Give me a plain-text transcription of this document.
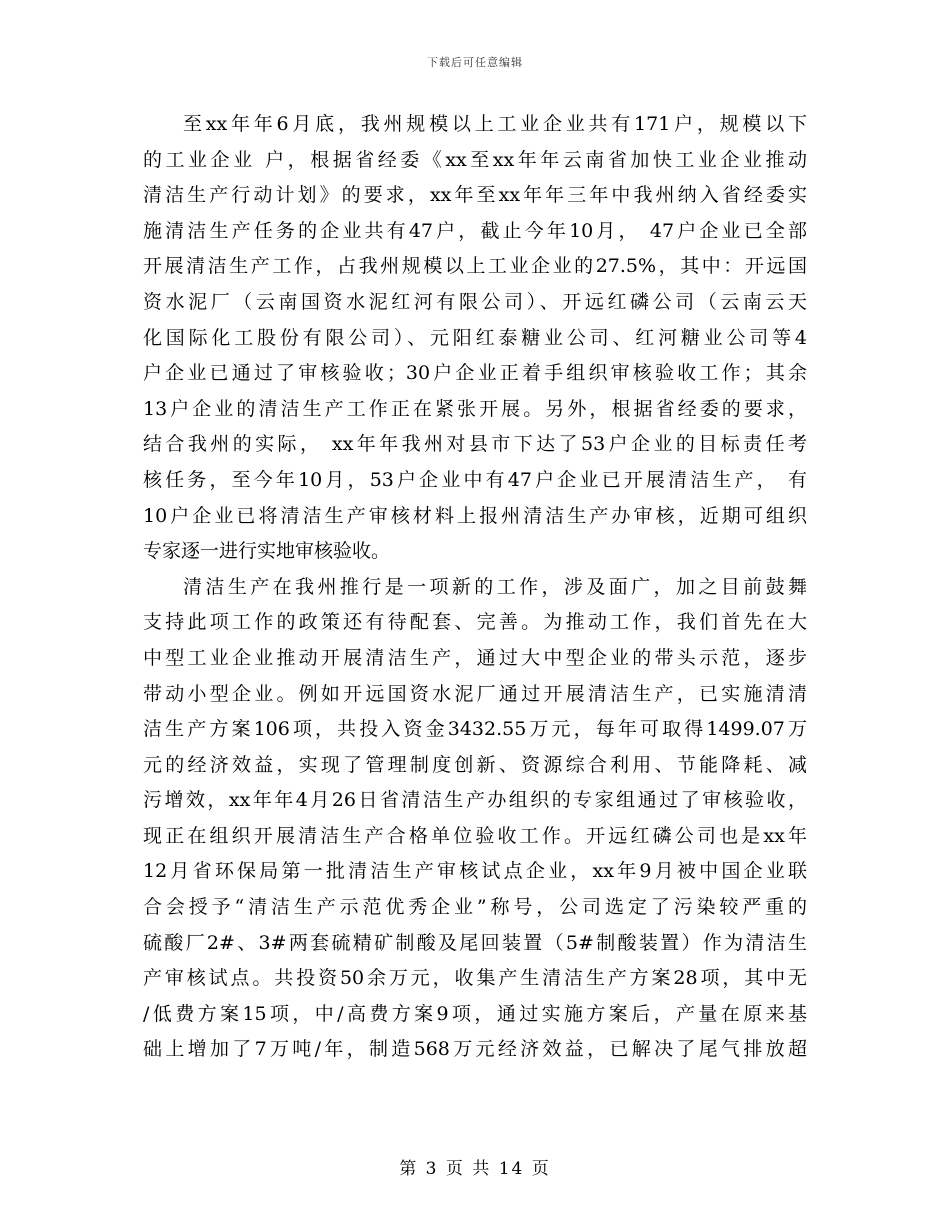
下载后可任意编辑
至xx年年6月底，我州规模以上工业企业共有171户，规模以下
的工业企业 户，根据省经委《xx至xx年年云南省加快工业企业推动
清洁生产行动计划》的要求，xx年至xx年年三年中我州纳入省经委实
施清洁生产任务的企业共有47户，截止今年10月， 47户企业已全部
开展清洁生产工作，占我州规模以上工业企业的27.5%，其中：开远国
资水泥厂（云南国资水泥红河有限公司）、开远红磷公司（云南云天
化国际化工股份有限公司）、元阳红泰糖业公司、红河糖业公司等4
户企业已通过了审核验收；30户企业正着手组织审核验收工作；其余
13户企业的清洁生产工作正在紧张开展。另外，根据省经委的要求，
结合我州的实际， xx年年我州对县市下达了53户企业的目标责任考
核任务，至今年10月，53户企业中有47户企业已开展清洁生产， 有
10户企业已将清洁生产审核材料上报州清洁生产办审核，近期可组织
专家逐一进行实地审核验收。
清洁生产在我州推行是一项新的工作，涉及面广，加之目前鼓舞
支持此项工作的政策还有待配套、完善。为推动工作，我们首先在大
中型工业企业推动开展清洁生产，通过大中型企业的带头示范，逐步
带动小型企业。例如开远国资水泥厂通过开展清洁生产，已实施清清
洁生产方案106项，共投入资金3432.55万元，每年可取得1499.07万
元的经济效益，实现了管理制度创新、资源综合利用、节能降耗、减
污增效，xx年年4月26日省清洁生产办组织的专家组通过了审核验收，
现正在组织开展清洁生产合格单位验收工作。开远红磷公司也是xx年
12月省环保局第一批清洁生产审核试点企业，xx年9月被中国企业联
合会授予“清洁生产示范优秀企业”称号，公司选定了污染较严重的
硫酸厂2#、3#两套硫精矿制酸及尾回装置（5#制酸装置）作为清洁生
产审核试点。共投资50余万元，收集产生清洁生产方案28项，其中无
/低费方案15项，中/高费方案9项，通过实施方案后，产量在原来基
础上增加了7万吨/年，制造568万元经济效益，已解决了尾气排放超
第 3 页 共 14 页
